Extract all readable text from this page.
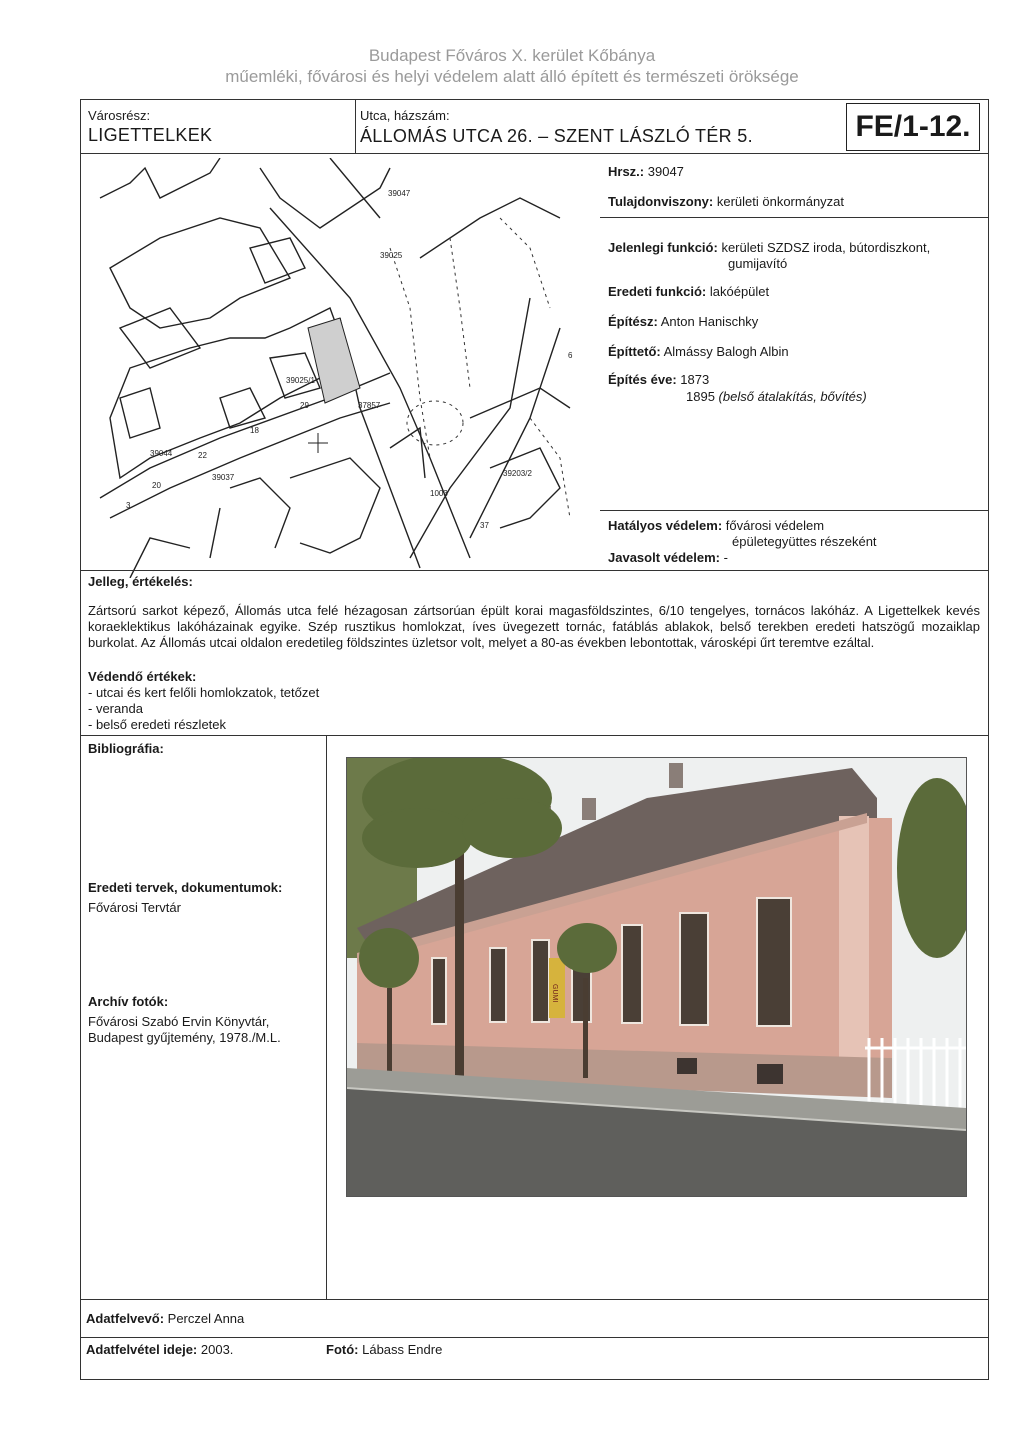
Budapest Főváros X. kerület Kőbánya
műemléki, fővárosi és helyi védelem alatt álló épített és természeti öröksége
Városrész:
LIGETTELKEK
Utca, házszám:
ÁLLOMÁS UTCA 26. – SZENT LÁSZLÓ TÉR 5.	FE/1-12.
39047
39025
39044
39037
1003
39203/2
37857
39025/1
22
20
18
37
29
3
6
Hrsz.: 39047
Tulajdonviszony: kerületi önkormányzat
Jelenlegi funkció: kerületi SZDSZ iroda, bútordiszkont,
gumijavító
Eredeti funkció: lakóépület
Építész: Anton Hanischky
Építtető: Almássy Balogh Albin
Építés éve: 1873
1895 (belső átalakítás, bővítés)
Hatályos védelem: fővárosi védelem
épületegyüttes részeként
Javasolt védelem: -
Jelleg, értékelés:
Zártsorú sarkot képező, Állomás utca felé hézagosan zártsorúan épült korai magasföldszintes, 6/10 tengelyes, tornácos lakóház. A Ligettelkek kevés koraeklektikus lakóházainak egyike. Szép rusztikus homlokzat, íves üvegezett tornác, fatáblás ablakok, belső terekben eredeti hatszögű mozaiklap burkolat. Az Állomás utcai oldalon eredetileg földszintes üzletsor volt, melyet a 80-as években lebontottak, városképi űrt teremtve ezáltal.
Védendő értékek:
- utcai és kert felőli homlokzatok, tetőzet
- veranda
- belső eredeti részletek
Bibliográfia:
Eredeti tervek, dokumentumok:
Fővárosi Tervtár
Archív fotók:
Fővárosi Szabó Ervin Könyvtár,
Budapest gyűjtemény, 1978./M.L.
GUMI
Adatfelvevő: Perczel Anna
Adatfelvétel ideje: 2003.	Fotó: Lábass Endre
